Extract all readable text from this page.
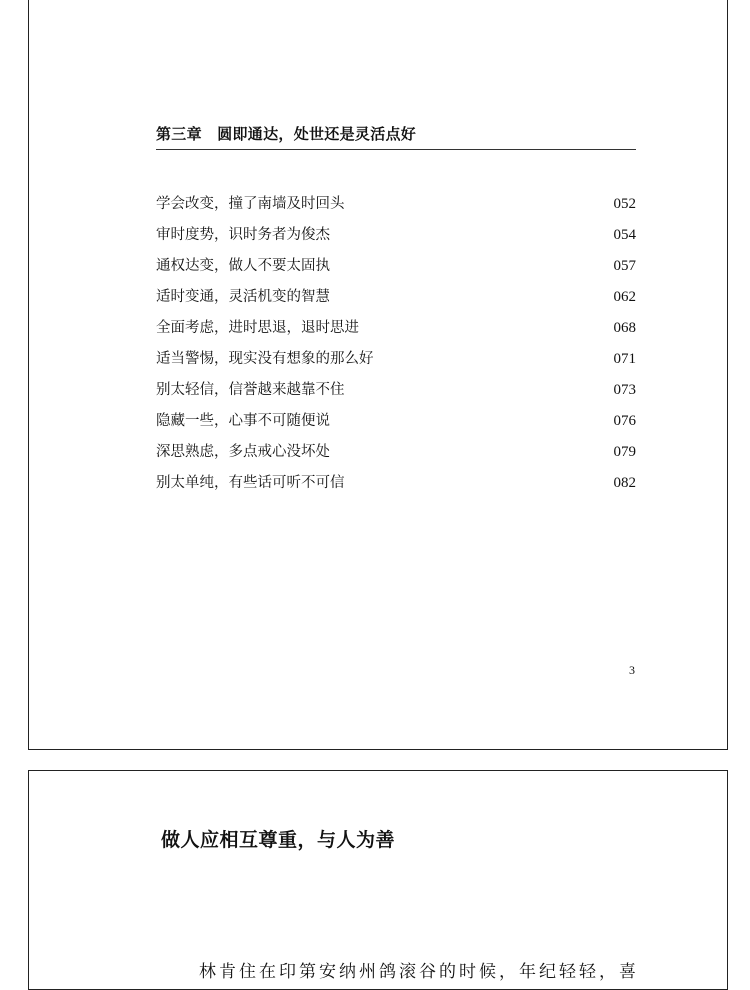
第三章　圆即通达，处世还是灵活点好
学会改变，撞了南墙及时回头	052
审时度势，识时务者为俊杰	054
通权达变，做人不要太固执	057
适时变通，灵活机变的智慧	062
全面考虑，进时思退，退时思进	068
适当警惕，现实没有想象的那么好	071
别太轻信，信誉越来越靠不住	073
隐藏一些，心事不可随便说	076
深思熟虑，多点戒心没坏处	079
别太单纯，有些话可听不可信	082
3
做人应相互尊重，与人为善
林肯住在印第安纳州鸽滚谷的时候，年纪轻轻，喜
